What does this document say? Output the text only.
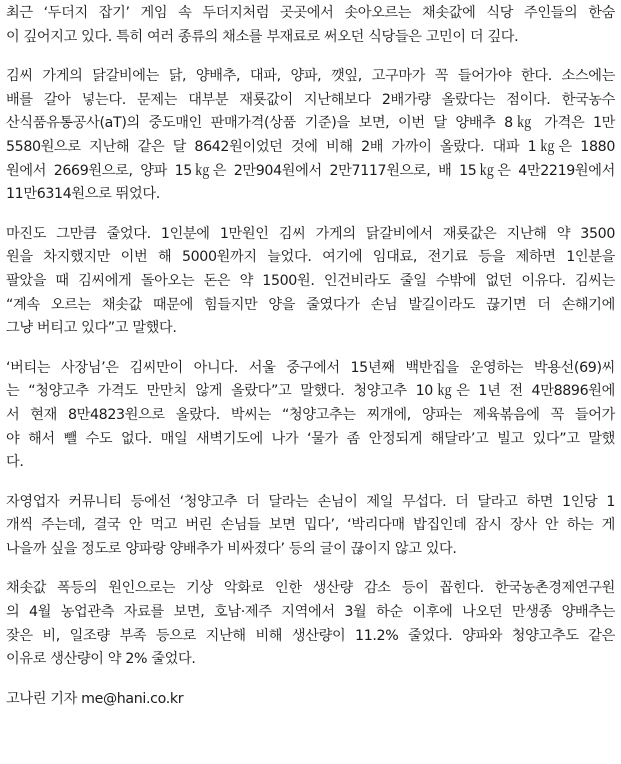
최근 ‘두더지 잡기’ 게임 속 두더지처럼 곳곳에서 솟아오르는 채솟값에 식당 주인들의 한숨
이 깊어지고 있다. 특히 여러 종류의 채소를 부재료로 써오던 식당들은 고민이 더 깊다.

김씨 가게의 닭갈비에는 닭, 양배추, 대파, 양파, 깻잎, 고구마가 꼭 들어가야 한다. 소스에는
배를 갈아 넣는다. 문제는 대부분 재룟값이 지난해보다 2배가량 올랐다는 점이다. 한국농수
산식품유통공사(aT)의 중도매인 판매가격(상품 기준)을 보면, 이번 달 양배추 8㎏ 가격은 1만
5580원으로 지난해 같은 달 8642원이었던 것에 비해 2배 가까이 올랐다. 대파 1㎏은 1880
원에서 2669원으로, 양파 15㎏은 2만904원에서 2만7117원으로, 배 15㎏은 4만2219원에서
11만6314원으로 뛰었다.

마진도 그만큼 줄었다. 1인분에 1만원인 김씨 가게의 닭갈비에서 재룟값은 지난해 약 3500
원을 차지했지만 이번 해 5000원까지 늘었다. 여기에 임대료, 전기료 등을 제하면 1인분을
팔았을 때 김씨에게 돌아오는 돈은 약 1500원. 인건비라도 줄일 수밖에 없던 이유다. 김씨는
“계속 오르는 채솟값 때문에 힘들지만 양을 줄였다가 손님 발길이라도 끊기면 더 손해기에
그냥 버티고 있다”고 말했다.

‘버티는 사장님’은 김씨만이 아니다. 서울 중구에서 15년째 백반집을 운영하는 박용선(69)씨
는 “청양고추 가격도 만만치 않게 올랐다”고 말했다. 청양고추 10㎏은 1년 전 4만8896원에
서 현재 8만4823원으로 올랐다. 박씨는 “청양고추는 찌개에, 양파는 제육볶음에 꼭 들어가
야 해서 뺄 수도 없다. 매일 새벽기도에 나가 ‘물가 좀 안정되게 해달라’고 빌고 있다”고 말했
다.

자영업자 커뮤니티 등에선 ‘청양고추 더 달라는 손님이 제일 무섭다. 더 달라고 하면 1인당 1
개씩 주는데, 결국 안 먹고 버린 손님들 보면 밉다’, ‘박리다매 밥집인데 잠시 장사 안 하는 게
나을까 싶을 정도로 양파랑 양배추가 비싸졌다’ 등의 글이 끊이지 않고 있다.

채솟값 폭등의 원인으로는 기상 악화로 인한 생산량 감소 등이 꼽힌다. 한국농촌경제연구원
의 4월 농업관측 자료를 보면, 호남·제주 지역에서 3월 하순 이후에 나오던 만생종 양배추는
잦은 비, 일조량 부족 등으로 지난해 비해 생산량이 11.2% 줄었다. 양파와 청양고추도 같은
이유로 생산량이 약 2% 줄었다.

고나린 기자 me@hani.co.kr
